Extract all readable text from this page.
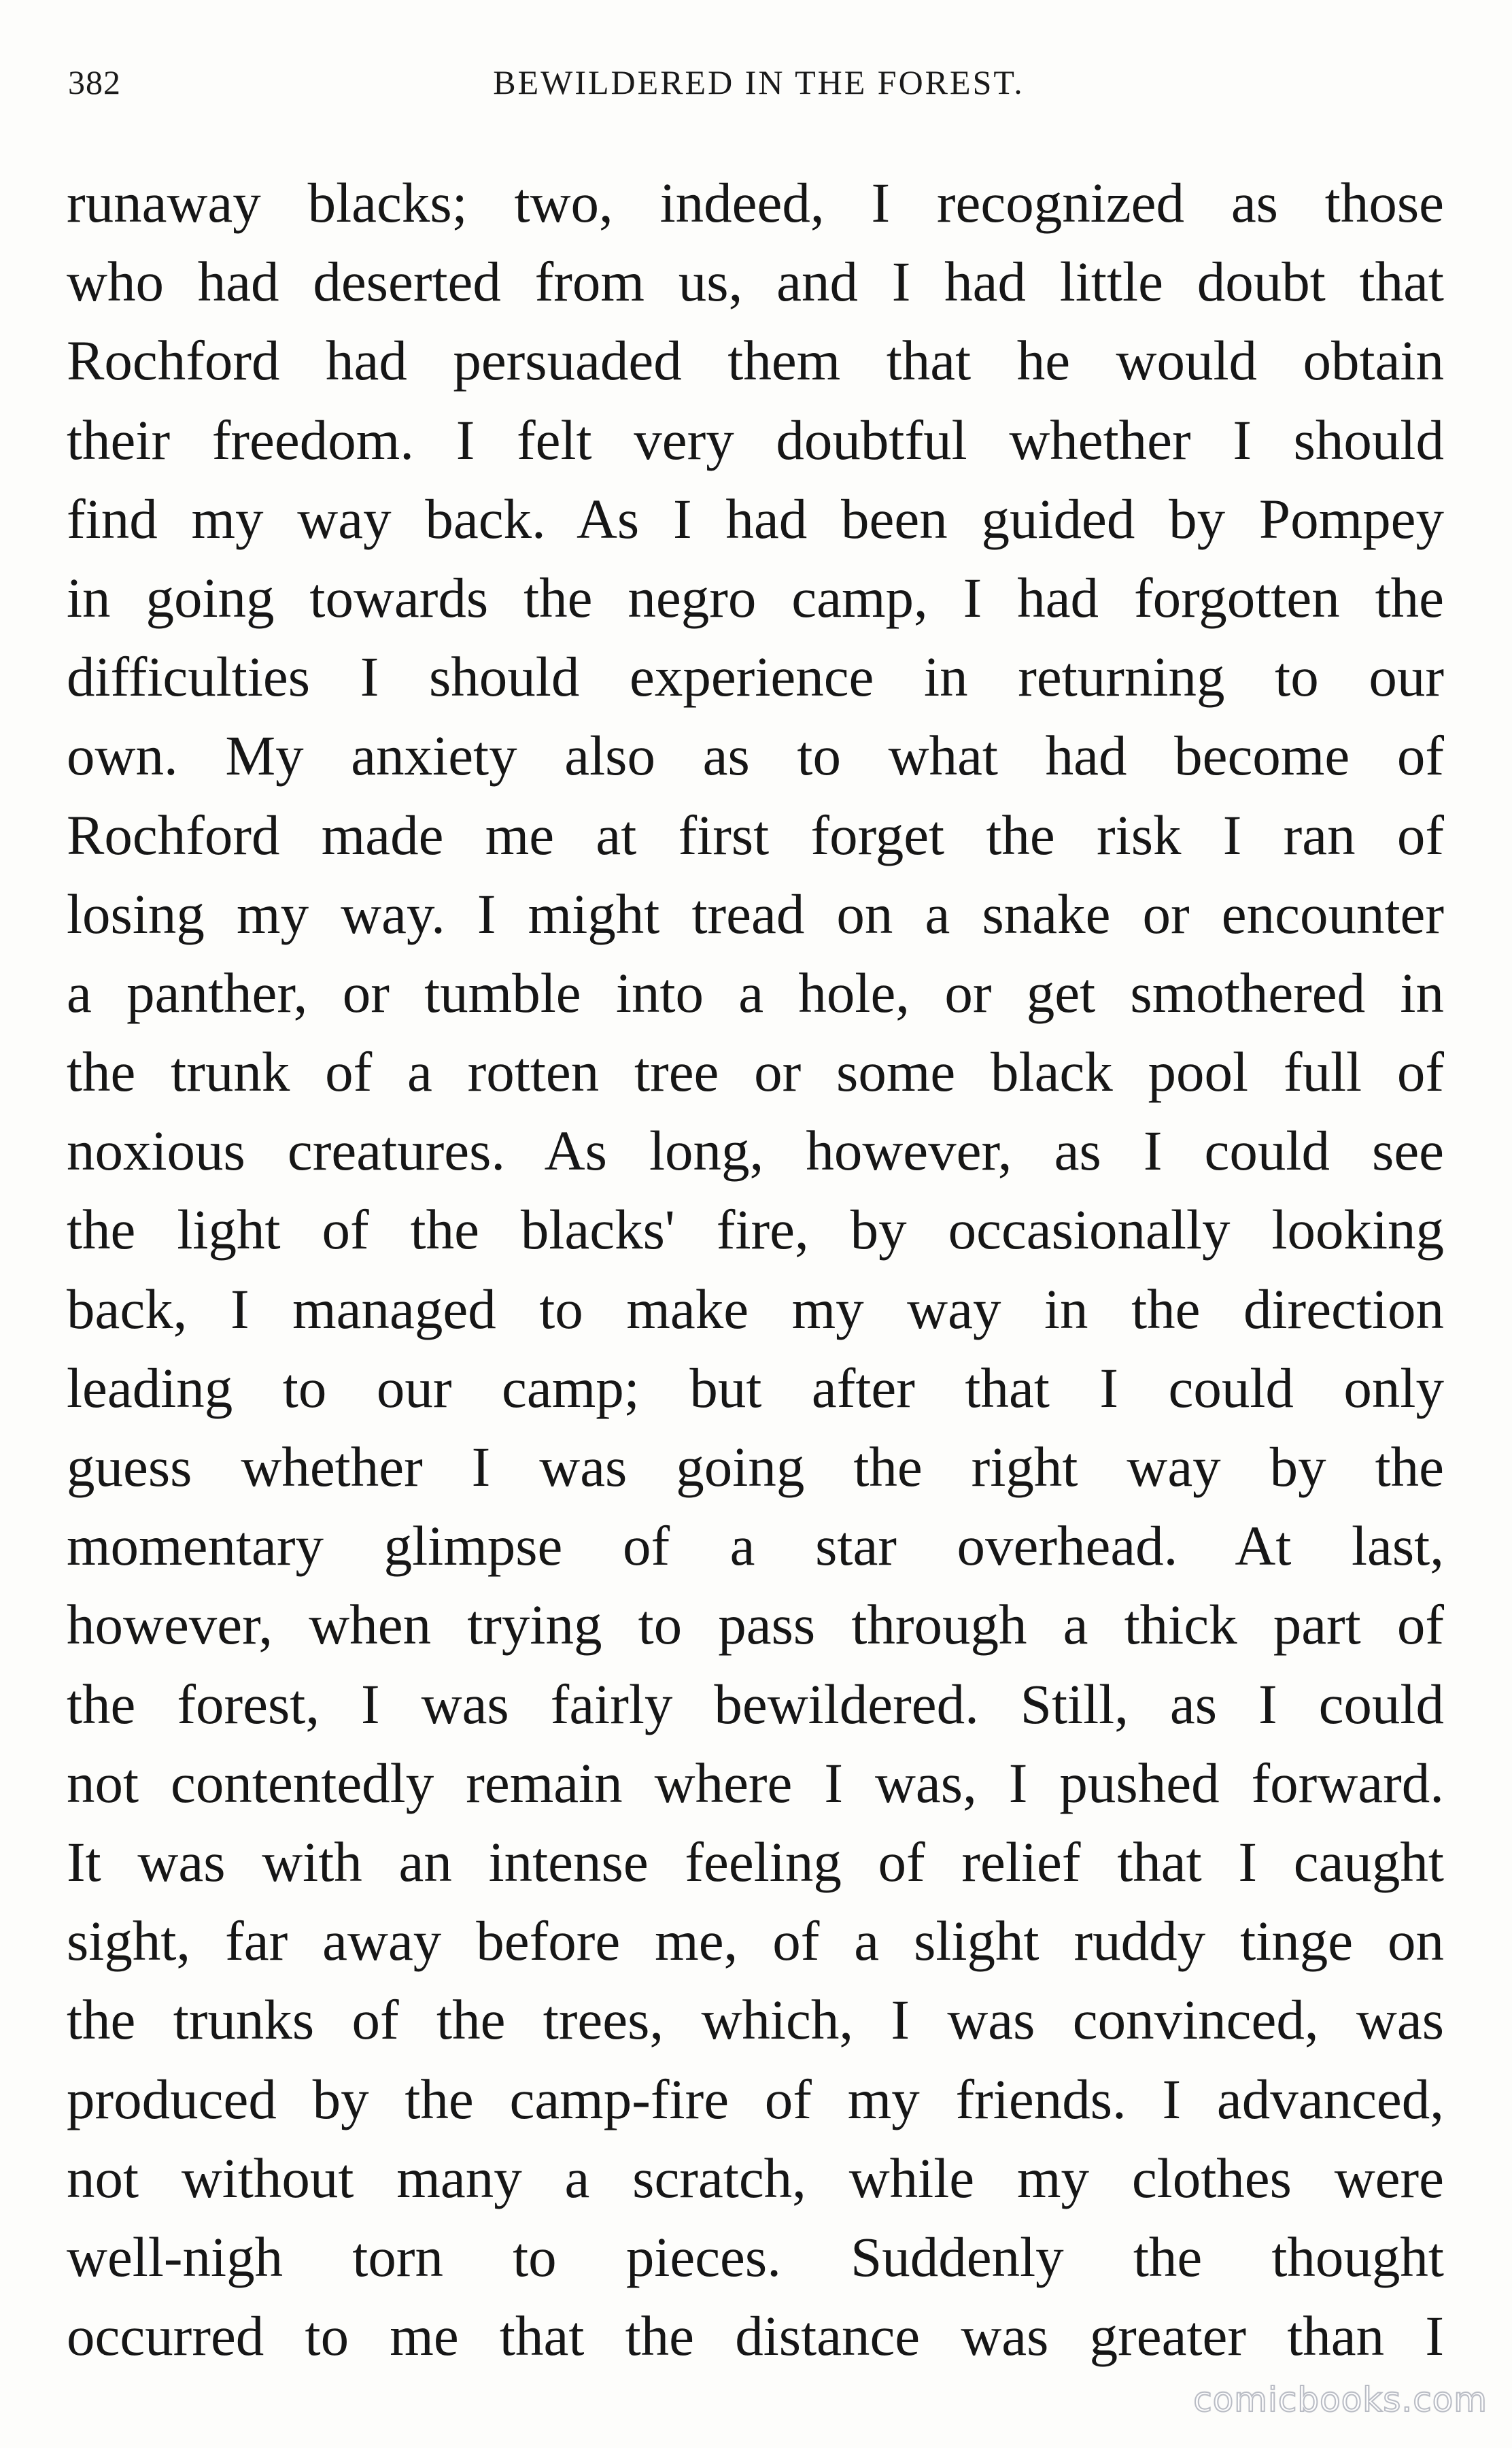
382	BEWILDERED IN THE FOREST.
runaway blacks; two, indeed, I recognized as those
who had deserted from us, and I had little doubt that
Rochford had persuaded them that he would obtain
their freedom. I felt very doubtful whether I should
find my way back. As I had been guided by Pompey
in going towards the negro camp, I had forgotten the
difficulties I should experience in returning to our
own. My anxiety also as to what had become of
Rochford made me at first forget the risk I ran of
losing my way. I might tread on a snake or encounter
a panther, or tumble into a hole, or get smothered in
the trunk of a rotten tree or some black pool full of
noxious creatures. As long, however, as I could see
the light of the blacks' fire, by occasionally looking
back, I managed to make my way in the direction
leading to our camp; but after that I could only
guess whether I was going the right way by the
momentary glimpse of a star overhead. At last,
however, when trying to pass through a thick part of
the forest, I was fairly bewildered. Still, as I could
not contentedly remain where I was, I pushed forward.
It was with an intense feeling of relief that I caught
sight, far away before me, of a slight ruddy tinge on
the trunks of the trees, which, I was convinced, was
produced by the camp-fire of my friends. I advanced,
not without many a scratch, while my clothes were
well-nigh torn to pieces. Suddenly the thought
occurred to me that the distance was greater than I
comicbooks.com
